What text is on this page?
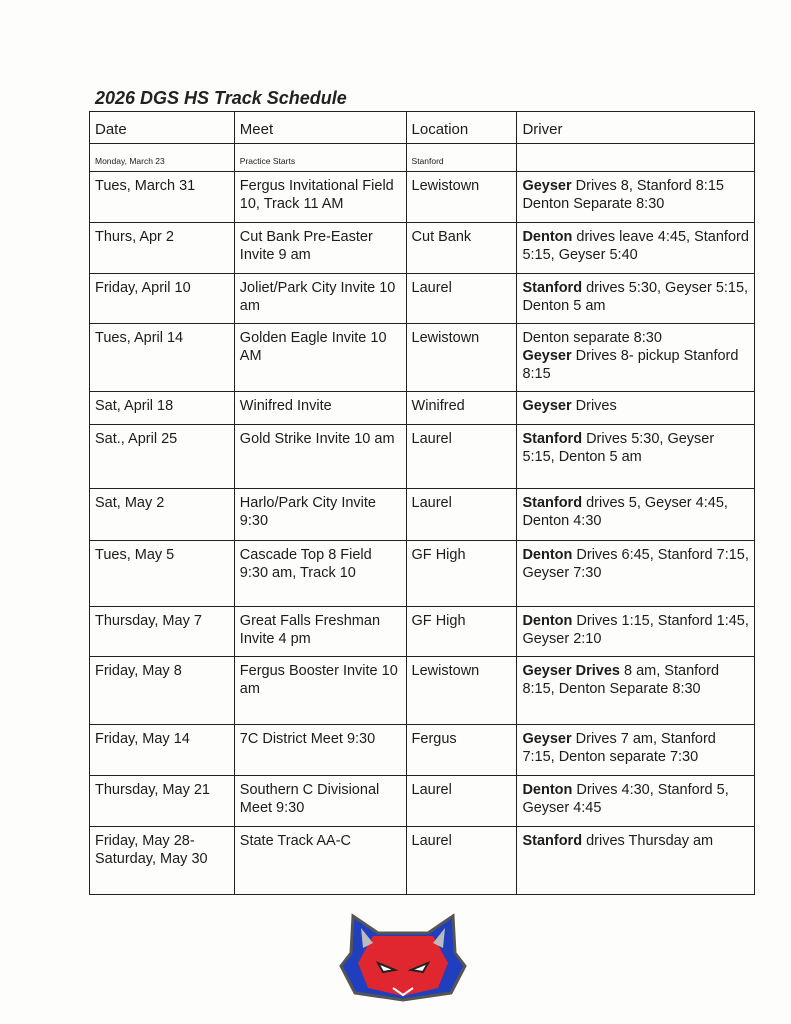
2026 DGS HS Track Schedule
Date	Meet	Location	Driver
Monday, March 23	Practice Starts	Stanford	
Tues, March 31	Fergus Invitational Field 10, Track 11 AM	Lewistown	Geyser Drives 8, Stanford 8:15 Denton Separate 8:30

Thurs, Apr 2	Cut Bank Pre-Easter Invite 9 am	Cut Bank	Denton drives leave 4:45, Stanford 5:15, Geyser 5:40

Friday, April 10	Joliet/Park City Invite 10 am	Laurel	Stanford drives 5:30, Geyser 5:15, Denton 5 am

Tues, April 14	Golden Eagle Invite 10 AM	Lewistown	Denton separate 8:30
Geyser Drives 8- pickup Stanford 8:15

Sat, April 18	Winifred Invite	Winifred	Geyser Drives

Sat., April 25	Gold Strike Invite 10 am	Laurel	Stanford Drives 5:30, Geyser 5:15, Denton 5 am

Sat, May 2	Harlo/Park City Invite 9:30	Laurel	Stanford drives 5, Geyser 4:45, Denton 4:30

Tues, May 5	Cascade Top 8 Field 9:30 am, Track 10	GF High	Denton Drives 6:45, Stanford 7:15, Geyser 7:30

Thursday, May 7	Great Falls Freshman Invite 4 pm	GF High	Denton Drives 1:15, Stanford 1:45, Geyser 2:10

Friday, May 8	Fergus Booster Invite 10 am	Lewistown	Geyser Drives 8 am, Stanford 8:15, Denton Separate 8:30

Friday, May 14	7C District Meet 9:30	Fergus	Geyser Drives 7 am, Stanford 7:15, Denton separate 7:30

Thursday, May 21	Southern C Divisional Meet 9:30	Laurel	Denton Drives 4:30, Stanford 5, Geyser 4:45

Friday, May 28-Saturday, May 30	State Track AA-C	Laurel	Stanford drives Thursday am
